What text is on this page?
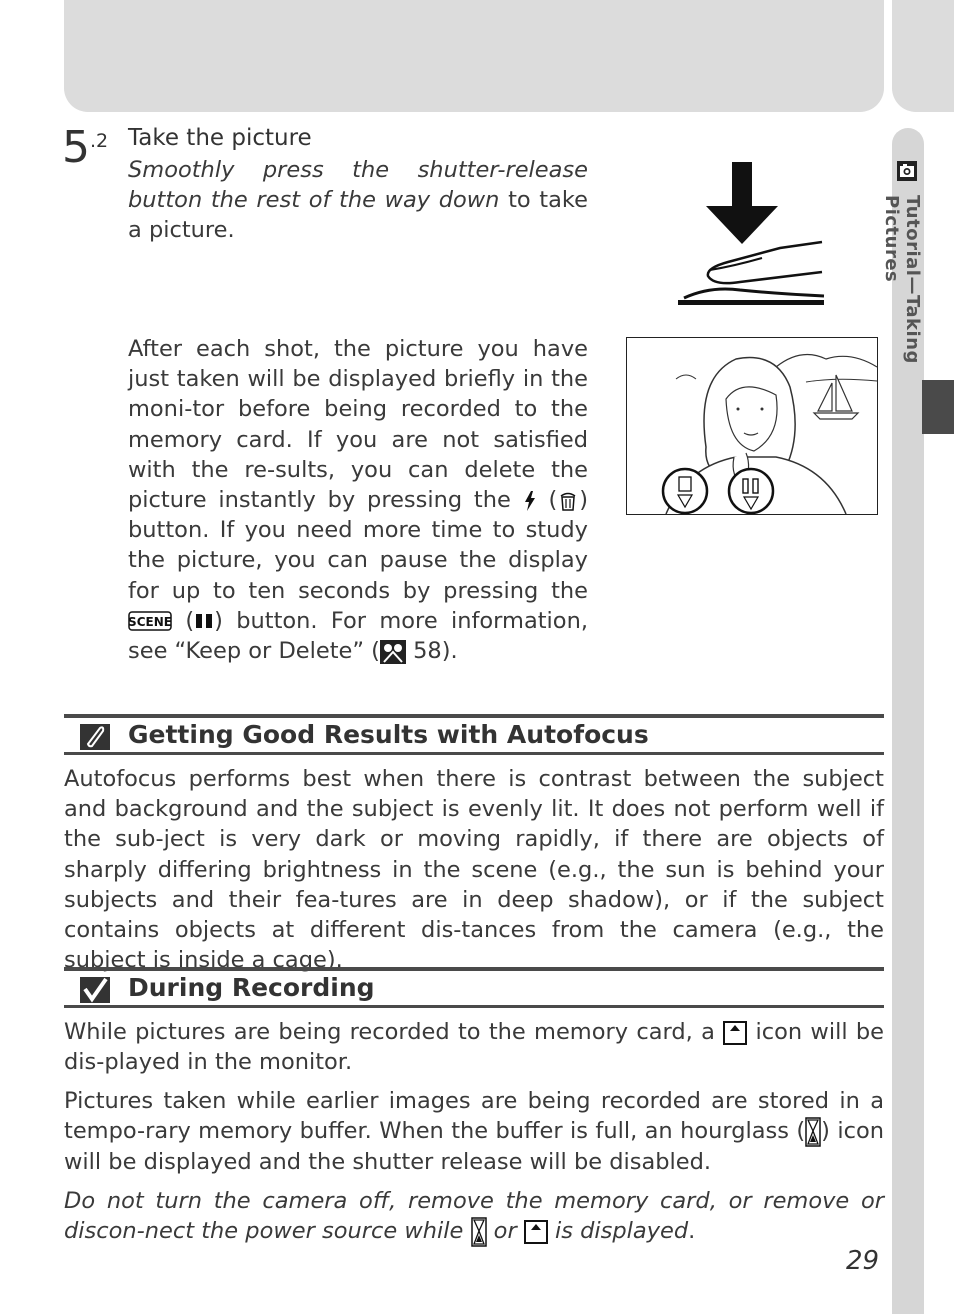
Tutorial—Taking Pictures
5 .2 Take the picture
Smoothly press the shutter-release button the rest of the way down to take a picture.
After each shot, the picture you have just taken will be displayed briefly in the moni-tor before being recorded to the memory card. If you are not satisfied with the re-sults, you can delete the picture instantly by pressing the  ( ) button. If you need more time to study the picture, you can pause the display for up to ten seconds by pressing the
SCENE ( ) button. For more information, see “Keep or Delete” ( 58).
Getting Good Results with Autofocus

Autofocus performs best when there is contrast between the subject and background and the subject is evenly lit. It does not perform well if the sub-ject is very dark or moving rapidly, if there are objects of sharply differing brightness in the scene (e.g., the sun is behind your subjects and their fea-tures are in deep shadow), or if the subject contains objects at different dis-tances from the camera (e.g., the subject is inside a cage).

During Recording

While pictures are being recorded to the memory card, a  icon will be dis-played in the monitor.

Pictures taken while earlier images are being recorded are stored in a tempo-rary memory buffer. When the buffer is full, an hourglass ( ) icon will be displayed and the shutter release will be disabled.

Do not turn the camera off, remove the memory card, or remove or discon-nect the power source while  or  is displayed.

29
